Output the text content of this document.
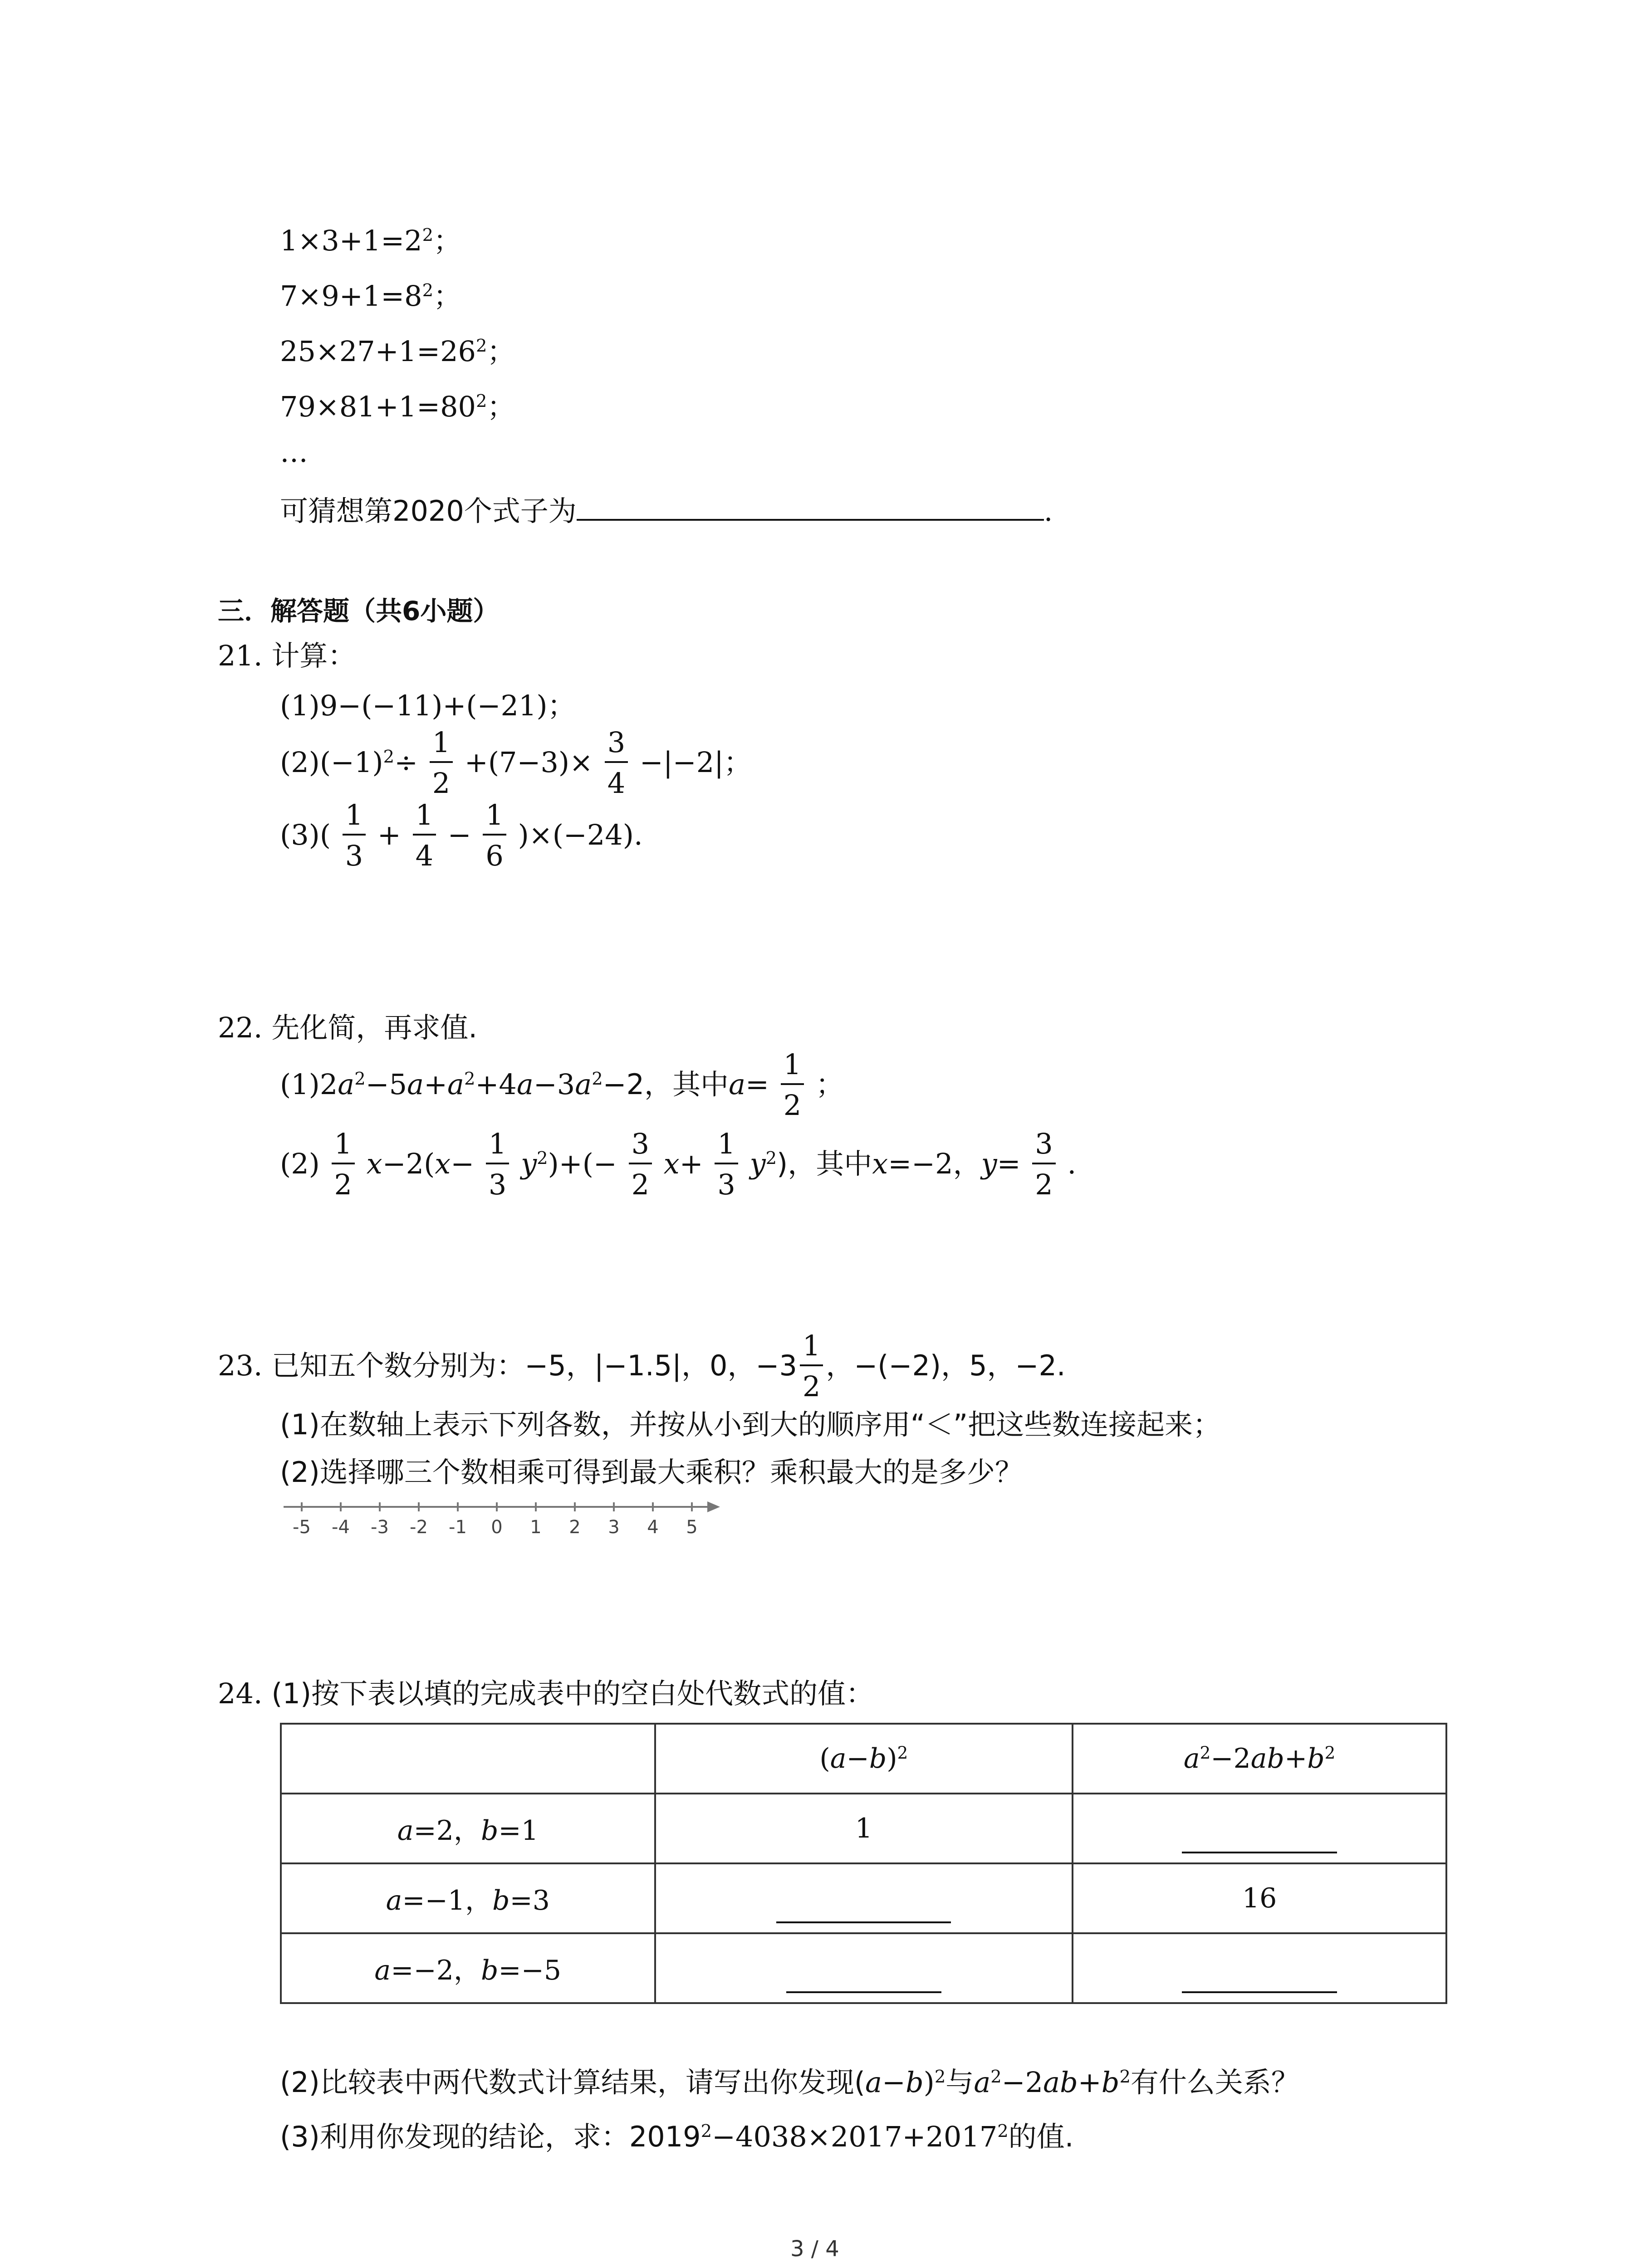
$1\times 3+1=2^2$；
$7\times 9+1=8^2$；
$25\times 27+1=26^2$；
$79\times 81+1=80^2$；
…
可猜想第2020个式子为	.
三．解答题（共6小题）
21. 计算：
(1)9−(−11)+(−21)；
$(2)(-1)^2\div \frac{1}{2} +(7-3)\times \frac{3}{4} -|-2|$；
$(3)( \frac{1}{3} + \frac{1}{4} - \frac{1}{6} )\times(-24)$.
22. 先化简，再求值.
$(1)2a^2-5a+a^2+4a-3a^2-2$，其中$a= \frac{1}{2}$ ；
$(2) \frac{1}{2} x-2(x- \frac{1}{3} y^2)+(- \frac{3}{2} x+ \frac{1}{3} y^2)$，其中x=−2，$y= \frac{3}{2}$ .
23. 已知五个数分别为：−5，|−1.5|，0，$-3 \frac{1}{2}$ ，−(−2)，5，−2.
(1)在数轴上表示下列各数，并按从小到大的顺序用“＜”把这些数连接起来；
(2)选择哪三个数相乘可得到最大乘积？乘积最大的是多少？
-5 -4 -3 -2 -1 0 1 2 3 4 5
24. (1)按下表以填的完成表中的空白处代数式的值：
	$(a-b)^2$	$a^2-2ab+b^2$
a=2，b=1	1	
a=−1，b=3		16
a=−2，b=−5		
(2)比较表中两代数式计算结果，请写出你发现$(a-b)^2$与$a^2-2ab+b^2$有什么关系？
(3)利用你发现的结论，求：$2019^2-4038\times 2017+2017^2$的值.
3 / 4
